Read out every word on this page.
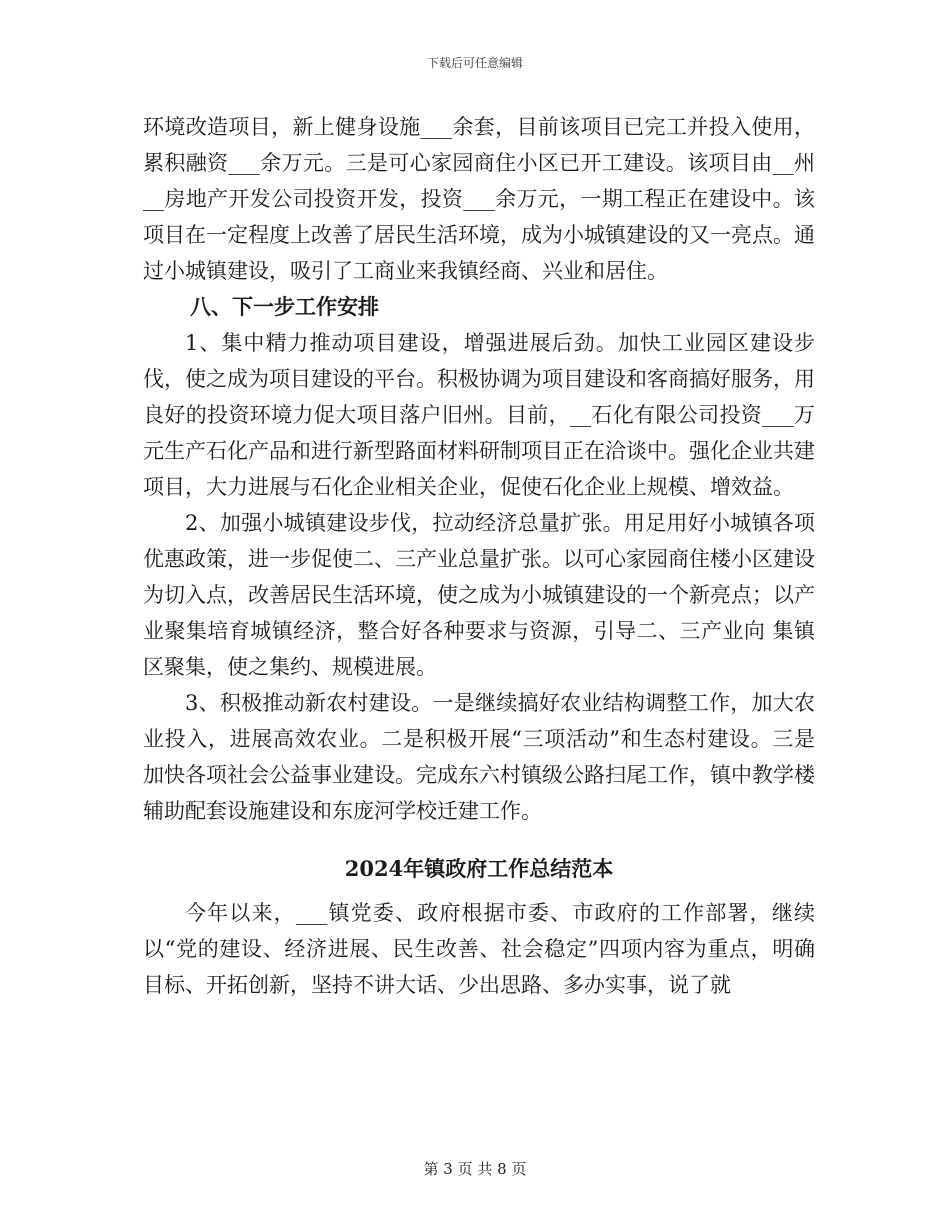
下载后可任意编辑

环境改造项目，新上健身设施___余套，目前该项目已完工并投入使用，累积融资___余万元。三是可心家园商住小区已开工建设。该项目由__州__房地产开发公司投资开发，投资___余万元，一期工程正在建设中。该项目在一定程度上改善了居民生活环境，成为小城镇建设的又一亮点。通过小城镇建设，吸引了工商业来我镇经商、兴业和居住。

八、下一步工作安排

1、集中精力推动项目建设，增强进展后劲。加快工业园区建设步伐，使之成为项目建设的平台。积极协调为项目建设和客商搞好服务，用良好的投资环境力促大项目落户旧州。目前，__石化有限公司投资___万元生产石化产品和进行新型路面材料研制项目正在洽谈中。强化企业共建项目，大力进展与石化企业相关企业，促使石化企业上规模、增效益。

2、加强小城镇建设步伐，拉动经济总量扩张。用足用好小城镇各项优惠政策，进一步促使二、三产业总量扩张。以可心家园商住楼小区建设为切入点，改善居民生活环境，使之成为小城镇建设的一个新亮点；以产业聚集培育城镇经济，整合好各种要求与资源，引导二、三产业向 集镇区聚集，使之集约、规模进展。

3、积极推动新农村建设。一是继续搞好农业结构调整工作，加大农业投入，进展高效农业。二是积极开展“三项活动”和生态村建设。三是加快各项社会公益事业建设。完成东六村镇级公路扫尾工作，镇中教学楼辅助配套设施建设和东庞河学校迁建工作。

2024年镇政府工作总结范本

今年以来，___镇党委、政府根据市委、市政府的工作部署，继续以“党的建设、经济进展、民生改善、社会稳定”四项内容为重点，明确目标、开拓创新，坚持不讲大话、少出思路、多办实事，说了就

第 3 页 共 8 页
